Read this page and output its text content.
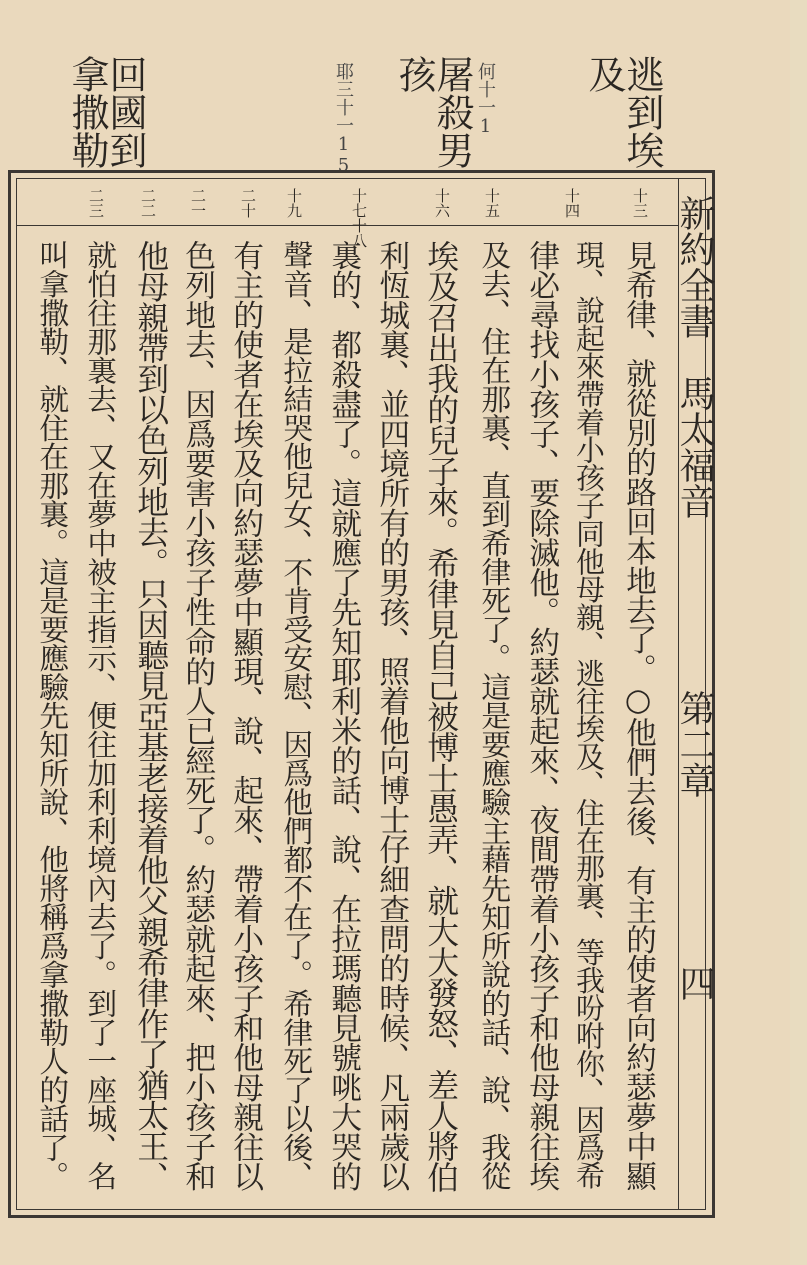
逃到埃及
屠殺男孩
回國到拿撒勒	何十一1
耶三十一15
新約全書
馬太福音
第二章
四
十三
十四
十五
十六
十七十八
十九
二十
二一
二二
二三
見希律、就從別的路回本地去了。○他們去後、有主的使者向約瑟夢中顯
現、說起來帶着小孩子同他母親、逃往埃及、住在那裏、等我吩咐你、因爲希
律必尋找小孩子、要除滅他。約瑟就起來、夜間帶着小孩子和他母親往埃
及去、住在那裏、直到希律死了。這是要應驗主藉先知所說的話、說、我從
埃及召出我的兒子來。希律見自己被博士愚弄、就大大發怒、差人將伯
利恆城裏、並四境所有的男孩、照着他向博士仔細查問的時候、凡兩歲以
裏的、都殺盡了。這就應了先知耶利米的話、說、在拉瑪聽見號咷大哭的
聲音、是拉結哭他兒女、不肯受安慰、因爲他們都不在了。希律死了以後、
有主的使者在埃及向約瑟夢中顯現、說、起來、帶着小孩子和他母親往以
色列地去、因爲要害小孩子性命的人已經死了。約瑟就起來、把小孩子和
他母親帶到以色列地去。只因聽見亞基老接着他父親希律作了猶太王、
就怕往那裏去、又在夢中被主指示、便往加利利境內去了。到了一座城、名
叫拿撒勒、就住在那裏。這是要應驗先知所說、他將稱爲拿撒勒人的話了。
